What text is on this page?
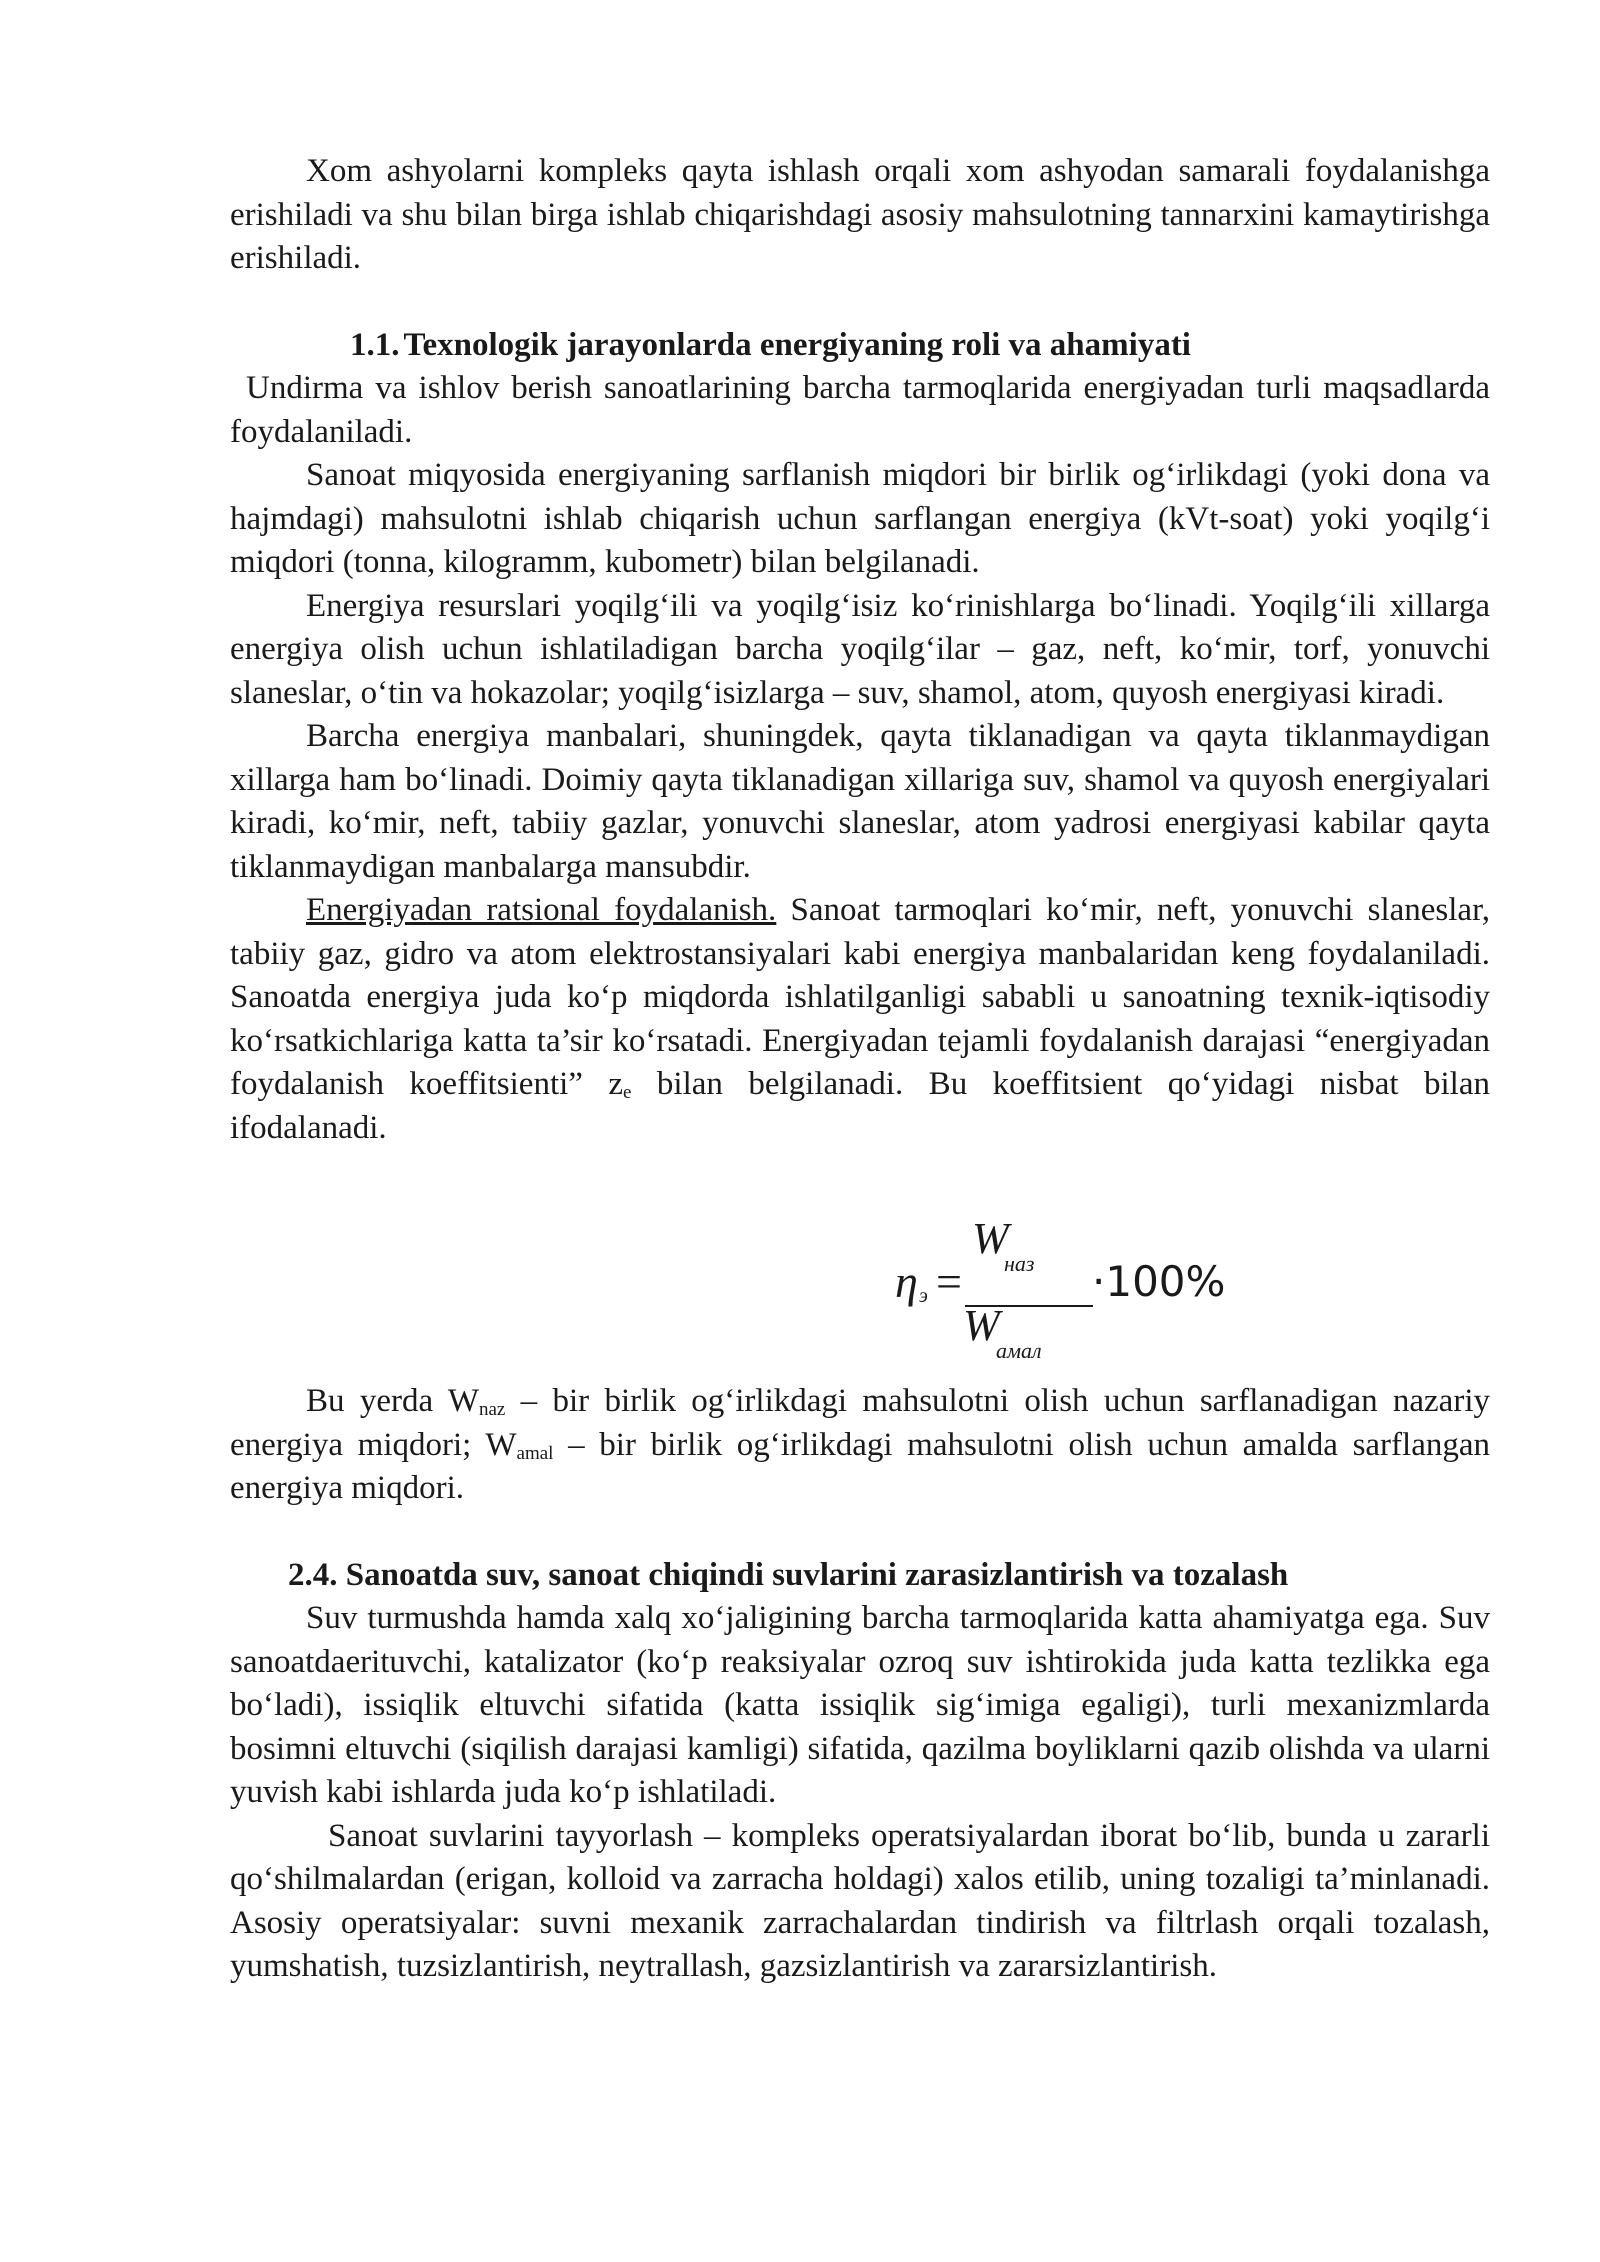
Xom ashyolarni kompleks qayta ishlash orqali xom ashyodan samarali foydalanishga erishiladi va shu bilan birga ishlab chiqarishdagi asosiy mahsulotning tannarxini kamaytirishga erishiladi.

1.1. Texnologik jarayonlarda energiyaning roli va ahamiyati

Undirma va ishlov berish sanoatlarining barcha tarmoqlarida energiyadan turli maqsadlarda foydalaniladi.

Sanoat miqyosida energiyaning sarflanish miqdori bir birlik og‘irlikdagi (yoki dona va hajmdagi) mahsulotni ishlab chiqarish uchun sarflangan energiya (kVt-soat) yoki yoqilg‘i miqdori (tonna, kilogramm, kubometr) bilan belgilanadi.

Energiya resurslari yoqilg‘ili va yoqilg‘isiz ko‘rinishlarga bo‘linadi. Yoqilg‘ili xillarga energiya olish uchun ishlatiladigan barcha yoqilg‘ilar – gaz, neft, ko‘mir, torf, yonuvchi slaneslar, o‘tin va hokazolar; yoqilg‘isizlarga – suv, shamol, atom, quyosh energiyasi kiradi.

Barcha energiya manbalari, shuningdek, qayta tiklanadigan va qayta tiklanmaydigan xillarga ham bo‘linadi. Doimiy qayta tiklanadigan xillariga suv, shamol va quyosh energiyalari kiradi, ko‘mir, neft, tabiiy gazlar, yonuvchi slaneslar, atom yadrosi energiyasi kabilar qayta tiklanmaydigan manbalarga mansubdir.

Energiyadan ratsional foydalanish. Sanoat tarmoqlari ko‘mir, neft, yonuvchi slaneslar, tabiiy gaz, gidro va atom elektrostansiyalari kabi energiya manbalaridan keng foydalaniladi. Sanoatda energiya juda ko‘p miqdorda ishlatilganligi sababli u sanoatning texnik-iqtisodiy ko‘rsatkichlariga katta ta’sir ko‘rsatadi. Energiyadan tejamli foydalanish darajasi “energiyadan foydalanish koeffitsienti” $z_e$ bilan belgilanadi. Bu koeffitsient qo‘yidagi nisbat bilan ifodalanadi.

η э =
W
наз
W
амал
·100%

Bu yerda $W_{naz}$ – bir birlik og‘irlikdagi mahsulotni olish uchun sarflanadigan nazariy energiya miqdori; $W_{amal}$ – bir birlik og‘irlikdagi mahsulotni olish uchun amalda sarflangan energiya miqdori.

2.4. Sanoatda suv, sanoat chiqindi suvlarini zarasizlantirish va tozalash

Suv turmushda hamda xalq xo‘jaligining barcha tarmoqlarida katta ahamiyatga ega. Suv sanoatdaerituvchi, katalizator (ko‘p reaksiyalar ozroq suv ishtirokida juda katta tezlikka ega bo‘ladi), issiqlik eltuvchi sifatida (katta issiqlik sig‘imiga egaligi), turli mexanizmlarda bosimni eltuvchi (siqilish darajasi kamligi) sifatida, qazilma boyliklarni qazib olishda va ularni yuvish kabi ishlarda juda ko‘p ishlatiladi.

Sanoat suvlarini tayyorlash – kompleks operatsiyalardan iborat bo‘lib, bunda u zararli qo‘shilmalardan (erigan, kolloid va zarracha holdagi) xalos etilib, uning tozaligi ta’minlanadi. Asosiy operatsiyalar: suvni mexanik zarrachalardan tindirish va filtrlash orqali tozalash, yumshatish, tuzsizlantirish, neytrallash, gazsizlantirish va zararsizlantirish.
